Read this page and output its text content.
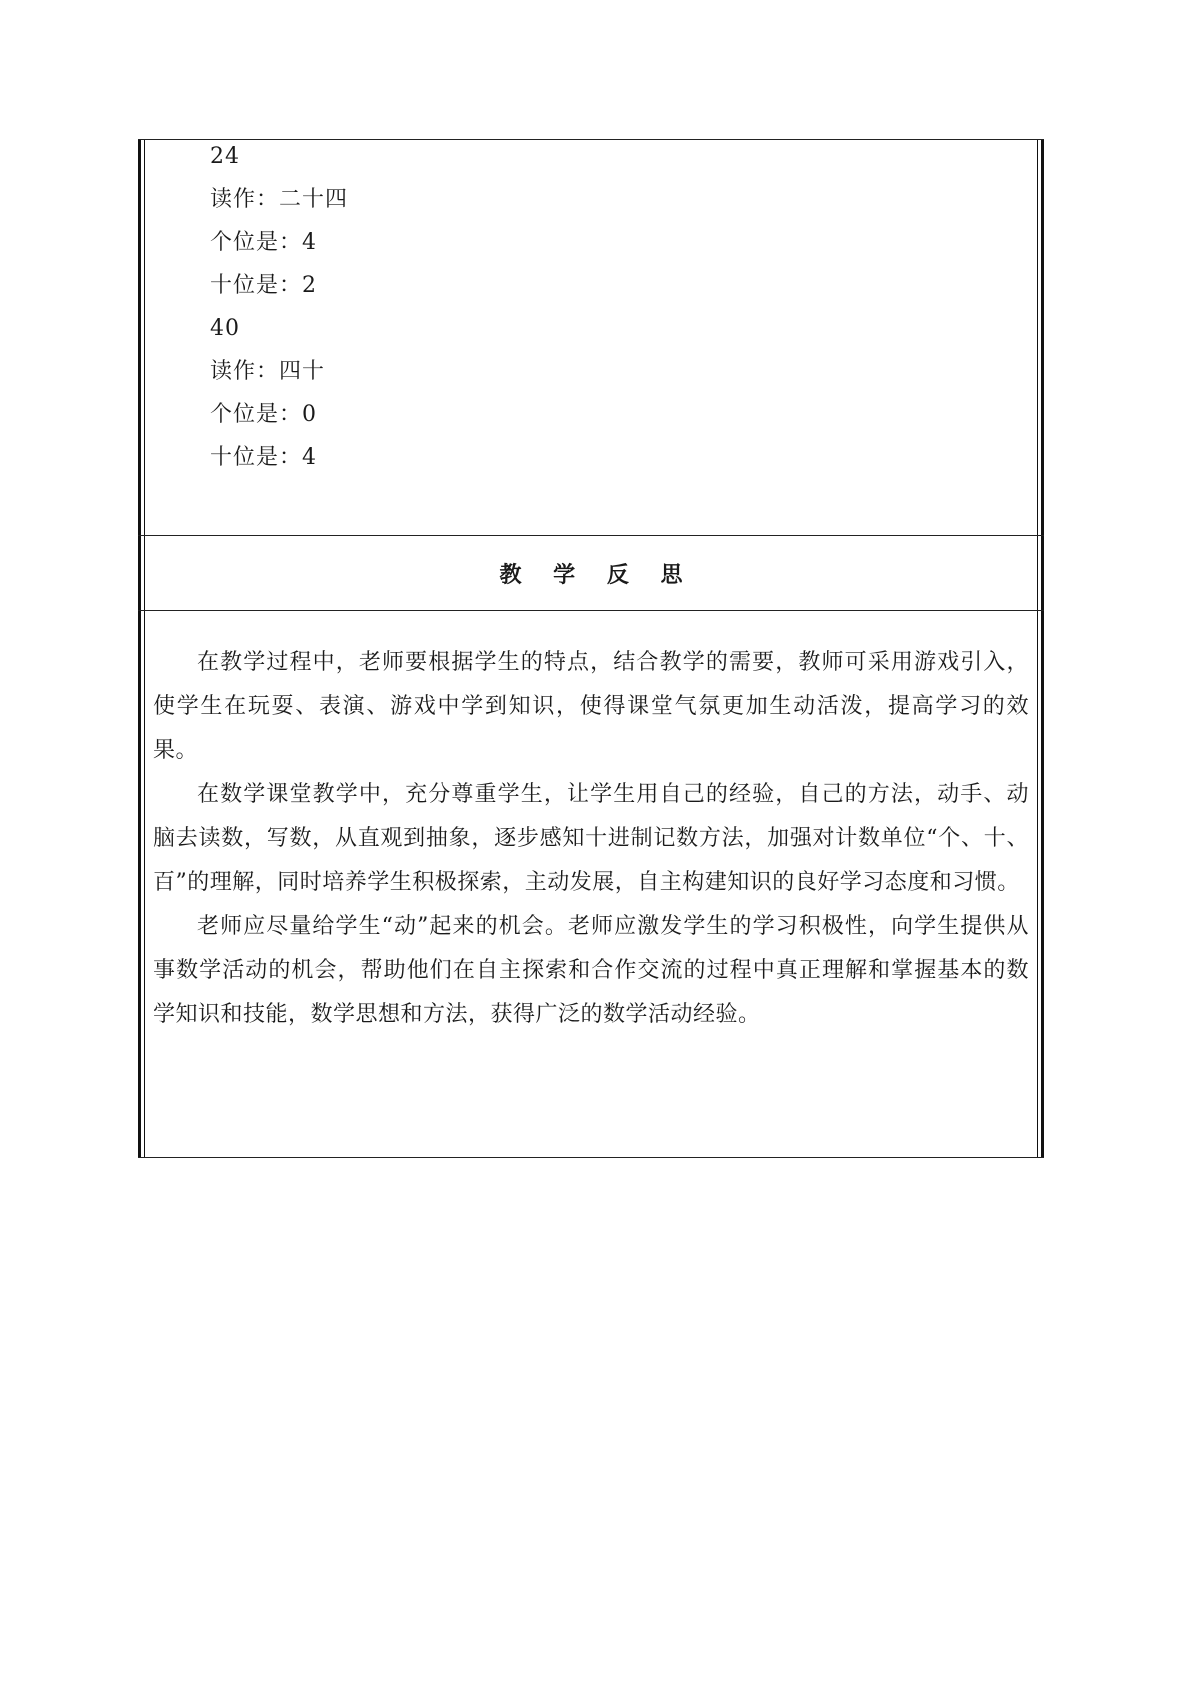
24
读作：二十四
个位是：4
十位是：2
40
读作：四十
个位是：0
十位是：4
教 学 反 思

在教学过程中，老师要根据学生的特点，结合教学的需要，教师可采用游戏引入，使学生在玩耍、表演、游戏中学到知识，使得课堂气氛更加生动活泼，提高学习的效果。

在数学课堂教学中，充分尊重学生，让学生用自己的经验，自己的方法，动手、动脑去读数，写数，从直观到抽象，逐步感知十进制记数方法，加强对计数单位“个、十、百”的理解，同时培养学生积极探索，主动发展，自主构建知识的良好学习态度和习惯。

老师应尽量给学生“动”起来的机会。老师应激发学生的学习积极性，向学生提供从事数学活动的机会，帮助他们在自主探索和合作交流的过程中真正理解和掌握基本的数学知识和技能，数学思想和方法，获得广泛的数学活动经验。
